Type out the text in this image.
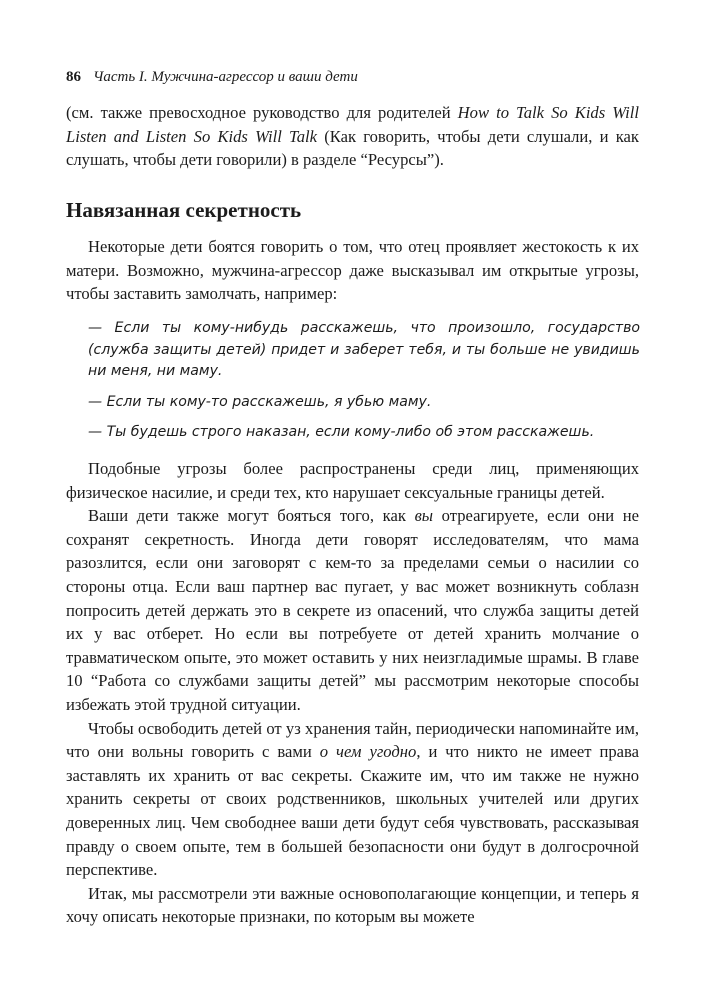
86 Часть I. Мужчина-агрессор и ваши дети

(см. также превосходное руководство для родителей How to Talk So Kids Will Listen and Listen So Kids Will Talk (Как говорить, чтобы дети слушали, и как слушать, чтобы дети говорили) в разделе “Ресурсы”).

Навязанная секретность

Некоторые дети боятся говорить о том, что отец проявляет жестокость к их матери. Возможно, мужчина-агрессор даже высказывал им открытые угрозы, чтобы заставить замолчать, например:

— Если ты кому-нибудь расскажешь, что произошло, государство (служба защиты детей) придет и заберет тебя, и ты больше не увидишь ни меня, ни маму.

— Если ты кому-то расскажешь, я убью маму.

— Ты будешь строго наказан, если кому-либо об этом расскажешь.

Подобные угрозы более распространены среди лиц, применяющих физическое насилие, и среди тех, кто нарушает сексуальные границы детей.

Ваши дети также могут бояться того, как вы отреагируете, если они не сохранят секретность. Иногда дети говорят исследователям, что мама разозлится, если они заговорят с кем-то за пределами семьи о насилии со стороны отца. Если ваш партнер вас пугает, у вас может возникнуть соблазн попросить детей держать это в секрете из опасений, что служба защиты детей их у вас отберет. Но если вы потребуете от детей хранить молчание о травматическом опыте, это может оставить у них неизгладимые шрамы. В главе 10 “Работа со службами защиты детей” мы рассмотрим некоторые способы избежать этой трудной ситуации.

Чтобы освободить детей от уз хранения тайн, периодически напоминайте им, что они вольны говорить с вами о чем угодно, и что никто не имеет права заставлять их хранить от вас секреты. Скажите им, что им также не нужно хранить секреты от своих родственников, школьных учителей или других доверенных лиц. Чем свободнее ваши дети будут себя чувствовать, рассказывая правду о своем опыте, тем в большей безопасности они будут в долгосрочной перспективе.

Итак, мы рассмотрели эти важные основополагающие концепции, и теперь я хочу описать некоторые признаки, по которым вы можете
